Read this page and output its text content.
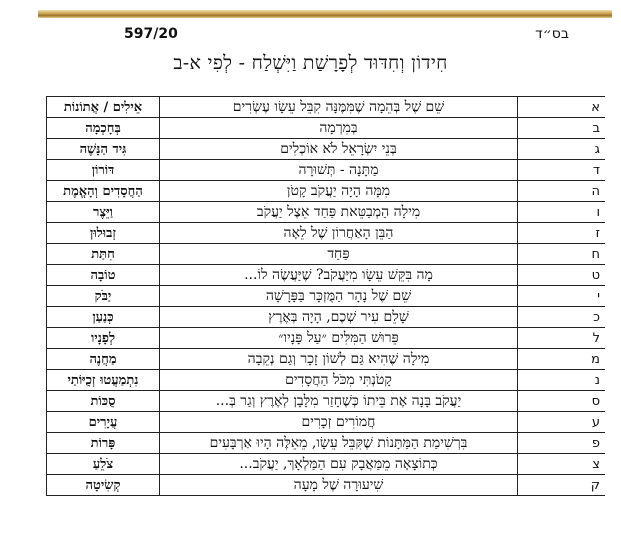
597/20	בס״ד
חִידוֹן וְחִדּוּד לְפָרָשַׁת וַיִּשְׁלַח - לְפִי א-ב
א	שֵׁם שֶׁל בְּהֵמָה שֶׁמִּמֶּנָּה קִבֵּל עֵשָׂו עֶשְׂרִים	אֵילִים / אֲתוֹנוֹת
ב	בְּמִרְמָה	בְּחָכְמָה
ג	בְּנֵי יִשְׂרָאֵל לֹא אוֹכְלִים	גִּיד הַנָּשֶׁה
ד	מַתָּנָה - תְּשׁוּרָה	דּוֹרוֹן
ה	מִמָּה הָיָה יַעֲקֹב קָטֹן	הַחֲסָדִים וְהָאֱמֶת
ו	מִילָה הַמְבַטֵּאת פַּחַד אֵצֶל יַעֲקֹב	וַיֵּצֶר
ז	הַבֵּן הָאַחֲרוֹן שֶׁל לֵאָה	זְבוּלוּן
ח	פַּחַד	חִתַּת
ט	מָה בִּקֵּשׁ עֵשָׂו מִיַּעֲקֹב? שֶׁיַּעֲשֶׂה לוֹ...	טוֹבָה
י	שֵׁם שֶׁל נָהָר הַמֻּזְכָּר בַּפָּרָשָׁה	יַבֹּק
כ	שָׁלֵם עִיר שְׁכֶם, הָיָה בְּאֶרֶץ	כְּנַעַן
ל	פֵּרוּשׁ הַמִּלִּים ״עַל פָּנָיו״	לְפָנָיו
מ	מִילָה שֶׁהִיא גַּם לְשׁוֹן זָכָר וְגַם נְקֵבָה	מַחֲנֶה
נ	קָטֹנְתִּי מִכֹּל הַחֲסָדִים	נִתְמַעֲטוּ זְכֻיּוֹתַי
ס	יַעֲקֹב בָּנָה אֶת בֵּיתוֹ כְּשֶׁחָזַר מִלָּבָן לְאֶרֶץ וְגַר בְּ...	סֻכּוֹת
ע	חֲמוֹרִים זְכָרִים	עֲיָרִים
פ	בִּרְשִׁימַת הַמַּתָּנוֹת שֶׁקִּבֵּל עֵשָׂו, מֵאֵלֶּה הָיוּ אַרְבָּעִים	פָּרוֹת
צ	כְּתוֹצָאָה מֵמַּאֲבָק עִם הַמַּלְאָךְ, יַעֲקֹב...	צֹלֵעַ
ק	שִׁיעוּרָה שֶׁל מָעָה	קְשִׂיטָה
